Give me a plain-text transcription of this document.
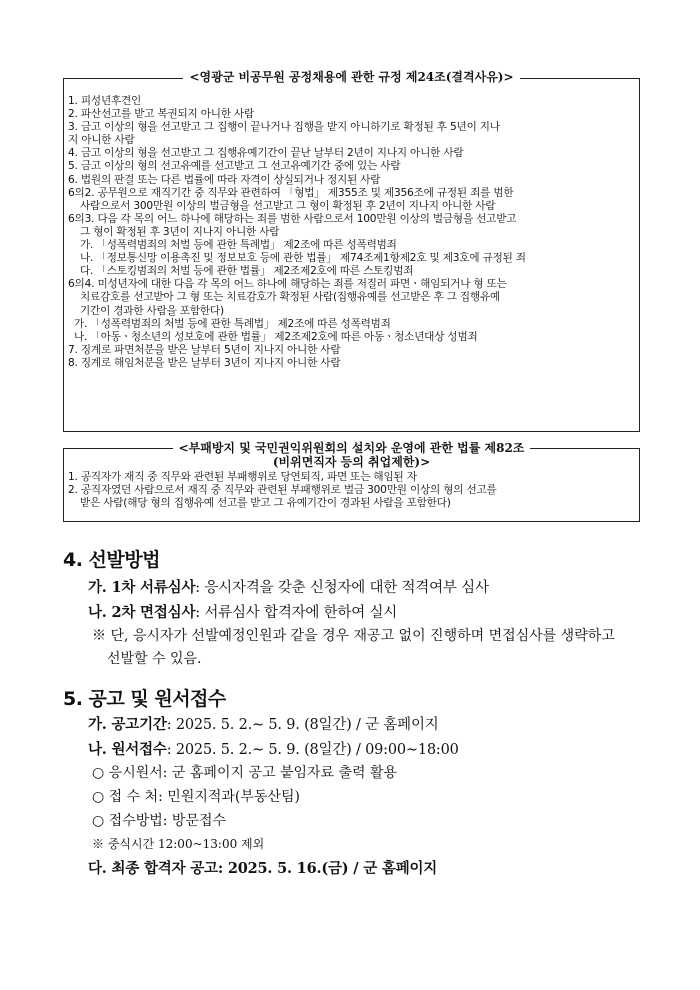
<영광군 비공무원 공정채용에 관한 규정 제24조(결격사유)>
1. 피성년후견인
2. 파산선고를 받고 복권되지 아니한 사람
3. 금고 이상의 형을 선고받고 그 집행이 끝나거나 집행을 받지 아니하기로 확정된 후 5년이 지나
지 아니한 사람
4. 금고 이상의 형을 선고받고 그 집행유예기간이 끝난 날부터 2년이 지나지 아니한 사람
5. 금고 이상의 형의 선고유예를 선고받고 그 선고유예기간 중에 있는 사람
6. 법원의 판결 또는 다른 법률에 따라 자격이 상실되거나 정지된 사람
6의2. 공무원으로 재직기간 중 직무와 관련하여 「형법」 제355조 및 제356조에 규정된 죄를 범한
사람으로서 300만원 이상의 벌금형을 선고받고 그 형이 확정된 후 2년이 지나지 아니한 사람
6의3. 다음 각 목의 어느 하나에 해당하는 죄를 범한 사람으로서 100만원 이상의 벌금형을 선고받고
그 형이 확정된 후 3년이 지나지 아니한 사람
가. 「성폭력범죄의 처벌 등에 관한 특례법」 제2조에 따른 성폭력범죄
나. 「정보통신망 이용촉진 및 정보보호 등에 관한 법률」 제74조제1항제2호 및 제3호에 규정된 죄
다. 「스토킹범죄의 처벌 등에 관한 법률」 제2조제2호에 따른 스토킹범죄
6의4. 미성년자에 대한 다음 각 목의 어느 하나에 해당하는 죄를 저질러 파면ㆍ해임되거나 형 또는
치료감호를 선고받아 그 형 또는 치료감호가 확정된 사람(집행유예를 선고받은 후 그 집행유예
기간이 경과한 사람을 포함한다)
가. 「성폭력범죄의 처벌 등에 관한 특례법」 제2조에 따른 성폭력범죄
나. 「아동ㆍ청소년의 성보호에 관한 법률」 제2조제2호에 따른 아동ㆍ청소년대상 성범죄
7. 징계로 파면처분을 받은 날부터 5년이 지나지 아니한 사람
8. 징계로 해임처분을 받은 날부터 3년이 지나지 아니한 사람
<부패방지 및 국민권익위원회의 설치와 운영에 관한 법률 제82조
(비위면직자 등의 취업제한)>
1. 공직자가 재직 중 직무와 관련된 부패행위로 당연퇴직, 파면 또는 해임된 자
2. 공직자였던 사람으로서 재직 중 직무와 관련된 부패행위로 벌금 300만원 이상의 형의 선고를
받은 사람(해당 형의 집행유예 선고를 받고 그 유예기간이 경과된 사람을 포함한다)
4. 선발방법
가. 1차 서류심사: 응시자격을 갖춘 신청자에 대한 적격여부 심사
나. 2차 면접심사: 서류심사 합격자에 한하여 실시
※ 단, 응시자가 선발예정인원과 같을 경우 재공고 없이 진행하며 면접심사를 생략하고
선발할 수 있음.
5. 공고 및 원서접수
가. 공고기간: 2025. 5. 2.∼ 5. 9. (8일간) / 군 홈페이지
나. 원서접수: 2025. 5. 2.∼ 5. 9. (8일간) / 09:00∼18:00
○ 응시원서: 군 홈페이지 공고 붙임자료 출력 활용
○ 접 수 처: 민원지적과(부동산팀)
○ 접수방법: 방문접수
※ 중식시간 12:00~13:00 제외
다. 최종 합격자 공고: 2025. 5. 16.(금) / 군 홈페이지
